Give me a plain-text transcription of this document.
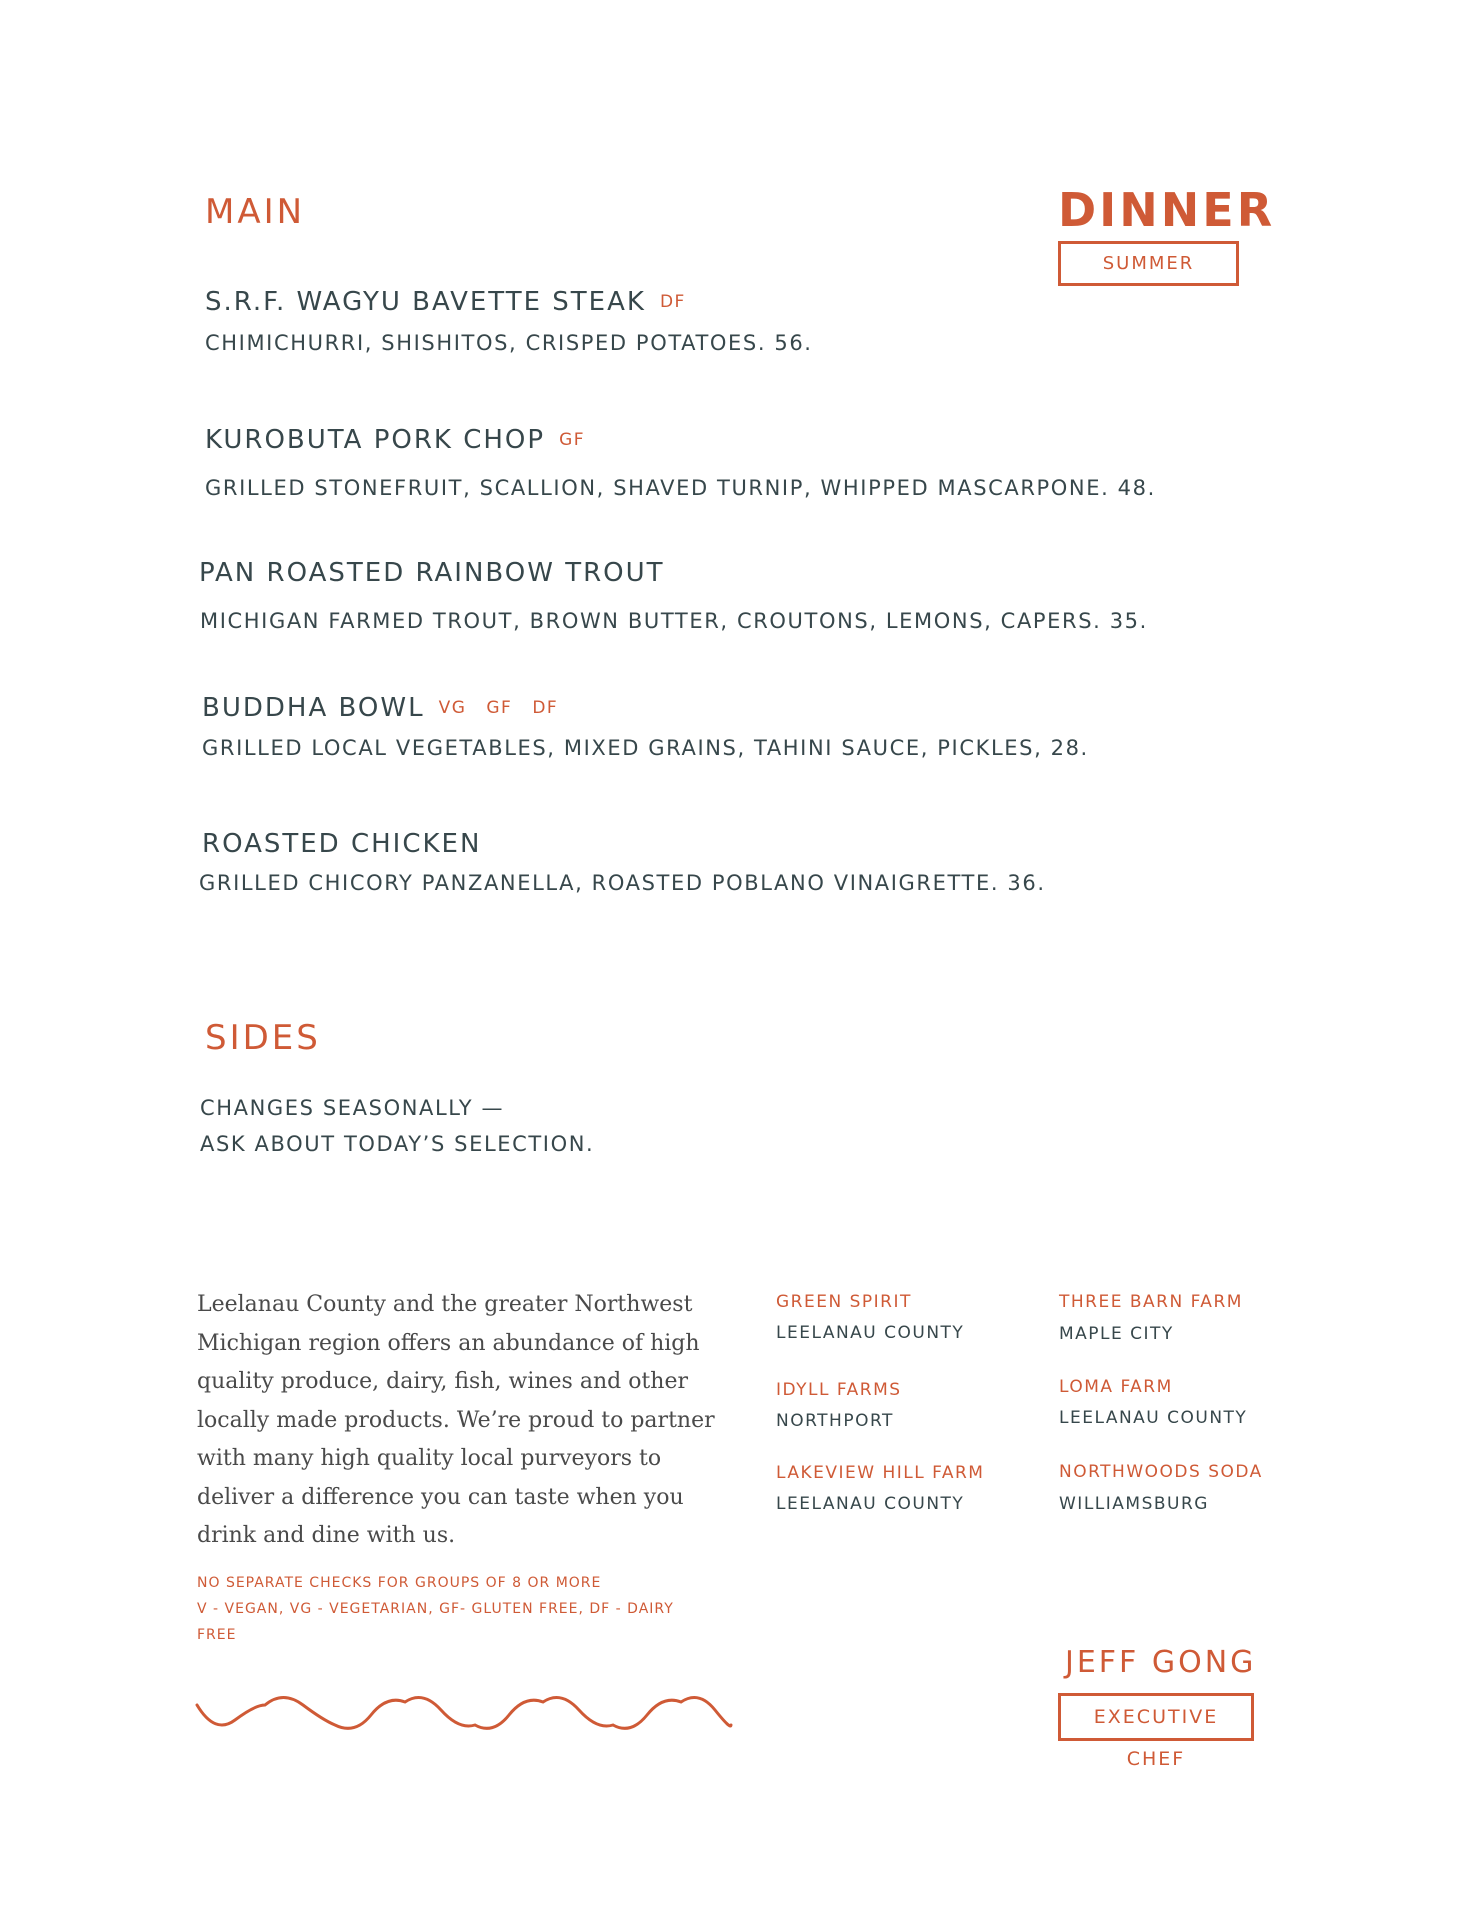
MAIN	DINNER
SUMMER
S.R.F. WAGYU BAVETTE STEAK DF
CHIMICHURRI, SHISHITOS, CRISPED POTATOES. 56.
KUROBUTA PORK CHOP GF
GRILLED STONEFRUIT, SCALLION, SHAVED TURNIP, WHIPPED MASCARPONE. 48.
PAN ROASTED RAINBOW TROUT
MICHIGAN FARMED TROUT, BROWN BUTTER, CROUTONS, LEMONS, CAPERS. 35.
BUDDHA BOWL VG GF DF
GRILLED LOCAL VEGETABLES, MIXED GRAINS, TAHINI SAUCE, PICKLES, 28.
ROASTED CHICKEN
GRILLED CHICORY PANZANELLA, ROASTED POBLANO VINAIGRETTE. 36.
SIDES
CHANGES SEASONALLY —
ASK ABOUT TODAY’S SELECTION.
Leelanau County and the greater Northwest Michigan region offers an abundance of high quality produce, dairy, fish, wines and other locally made products. We’re proud to partner with many high quality local purveyors to deliver a difference you can taste when you drink and dine with us.
GREEN SPIRIT
LEELANAU COUNTY
IDYLL FARMS
NORTHPORT
LAKEVIEW HILL FARM
LEELANAU COUNTY
THREE BARN FARM
MAPLE CITY
LOMA FARM
LEELANAU COUNTY
NORTHWOODS SODA
WILLIAMSBURG
NO SEPARATE CHECKS FOR GROUPS OF 8 OR MORE
V - VEGAN, VG - VEGETARIAN, GF- GLUTEN FREE, DF - DAIRY FREE
JEFF GONG
EXECUTIVE CHEF
